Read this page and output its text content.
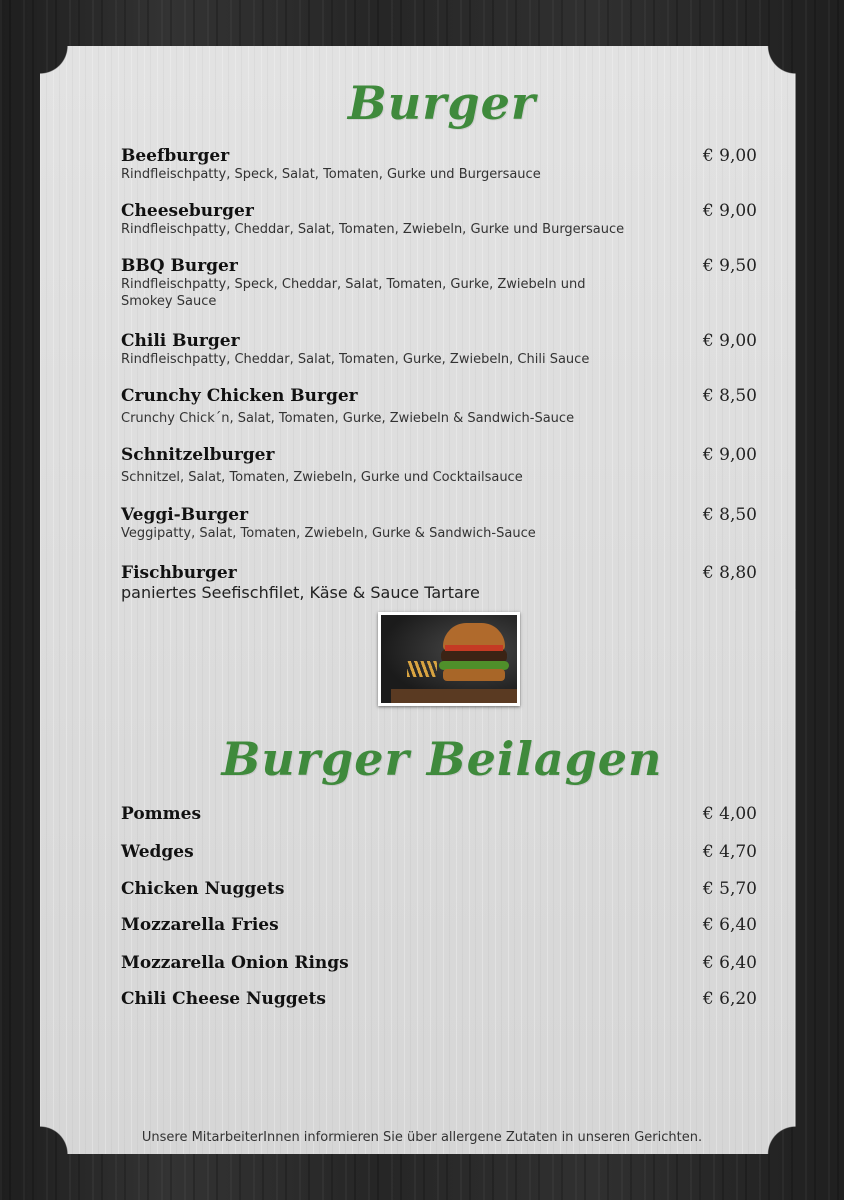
Burger
Beefburger
Rindfleischpatty, Speck, Salat, Tomaten, Gurke und Burgersauce
€ 9,00
Cheeseburger
Rindfleischpatty, Cheddar, Salat, Tomaten, Zwiebeln, Gurke und Burgersauce
€ 9,00
BBQ Burger
Rindfleischpatty, Speck, Cheddar, Salat, Tomaten, Gurke, Zwiebeln und Smokey Sauce
€ 9,50
Chili Burger
Rindfleischpatty, Cheddar, Salat, Tomaten, Gurke, Zwiebeln, Chili Sauce
€ 9,00
Crunchy Chicken Burger
Crunchy Chick´n, Salat, Tomaten, Gurke, Zwiebeln & Sandwich-Sauce
€ 8,50
Schnitzelburger
Schnitzel, Salat, Tomaten, Zwiebeln, Gurke und Cocktailsauce
€ 9,00
Veggi-Burger
Veggipatty, Salat, Tomaten, Zwiebeln, Gurke & Sandwich-Sauce
€ 8,50
Fischburger
paniertes Seefischfilet, Käse & Sauce Tartare
€ 8,80
Burger Beilagen
Pommes	€ 4,00
Wedges	€ 4,70
Chicken Nuggets	€ 5,70
Mozzarella Fries	€ 6,40
Mozzarella Onion Rings	€ 6,40
Chili Cheese Nuggets	€ 6,20
Unsere MitarbeiterInnen informieren Sie über allergene Zutaten in unseren Gerichten.
